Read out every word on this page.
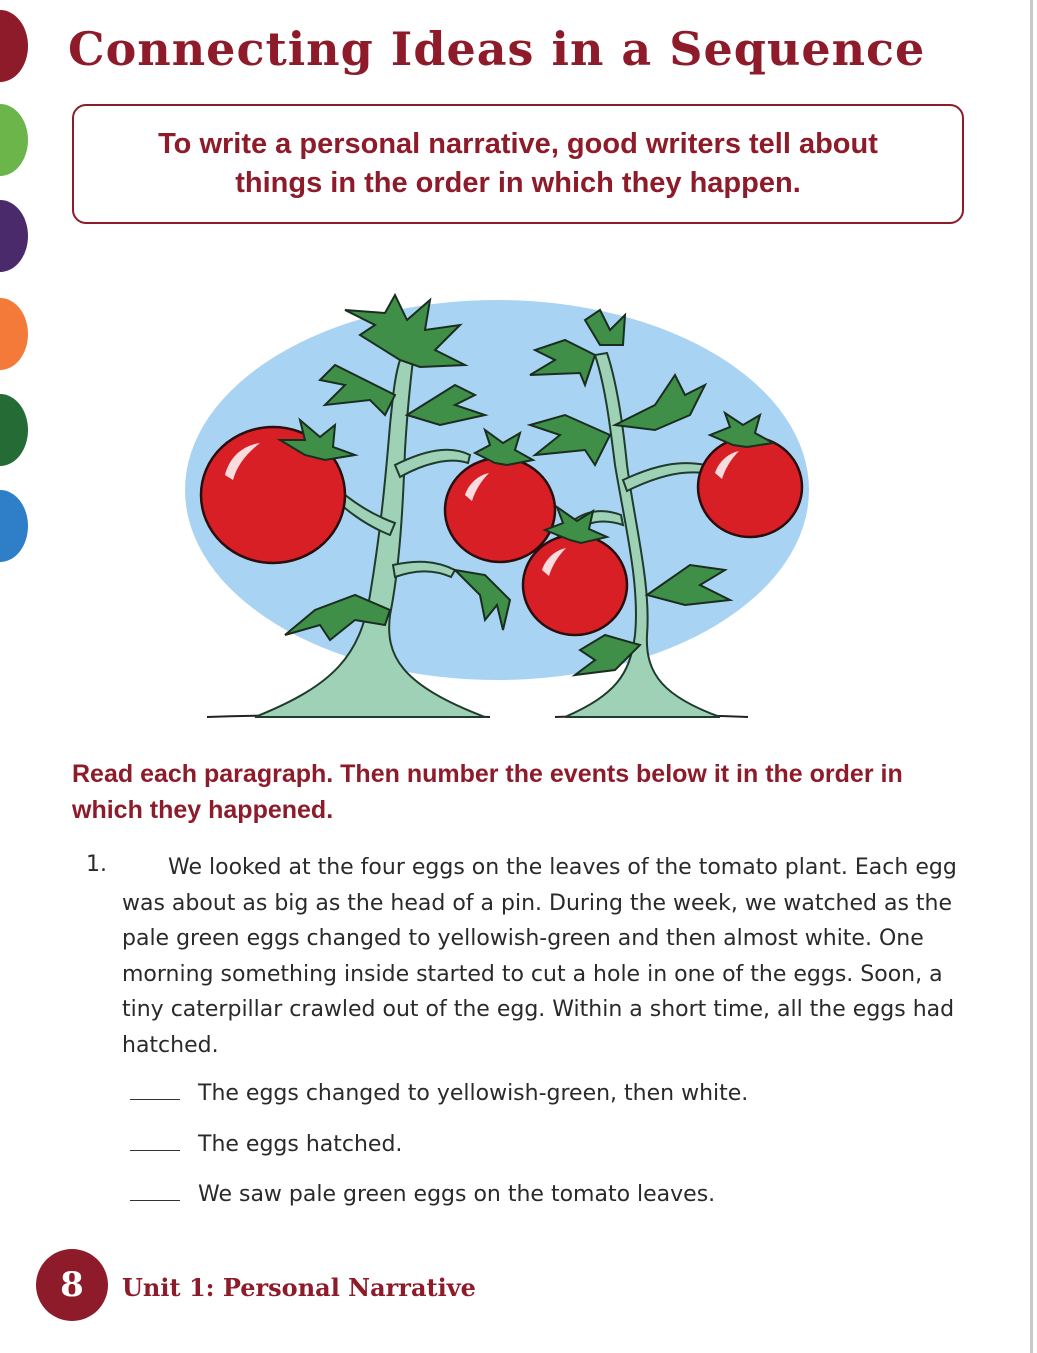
Connecting Ideas in a Sequence
To write a personal narrative, good writers tell about things in the order in which they happen.
Read each paragraph. Then number the events below it in the order in which they happened.
1.	We looked at the four eggs on the leaves of the tomato plant. Each egg was about as big as the head of a pin. During the week, we watched as the pale green eggs changed to yellowish-green and then almost white. One morning something inside started to cut a hole in one of the eggs. Soon, a tiny caterpillar crawled out of the egg. Within a short time, all the eggs had hatched.
The eggs changed to yellowish-green, then white.
The eggs hatched.
We saw pale green eggs on the tomato leaves.
8 Unit 1: Personal Narrative
